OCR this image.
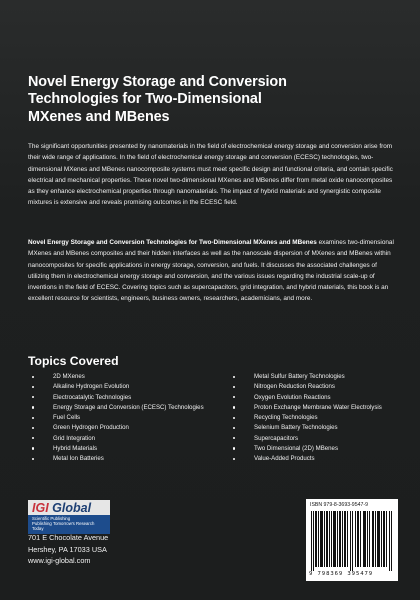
Novel Energy Storage and Conversion
Technologies for Two-Dimensional
MXenes and MBenes
The significant opportunities presented by nanomaterials in the field of electrochemical energy storage and conversion arise from their wide range of applications. In the field of electrochemical energy storage and conversion (ECESC) technologies, two-dimensional MXenes and MBenes nanocomposite systems must meet specific design and functional criteria, and contain specific electrical and mechanical properties. These novel two-dimensional MXenes and MBenes differ from metal oxide nanocomposites as they enhance electrochemical properties through nanomaterials. The impact of hybrid materials and synergistic composite mixtures is extensive and reveals promising outcomes in the ECESC field.
Novel Energy Storage and Conversion Technologies for Two-Dimensional MXenes and MBenes examines two-dimensional MXenes and MBenes composites and their hidden interfaces as well as the nanoscale dispersion of MXenes and MBenes within nanocomposites for specific applications in energy storage, conversion, and fuels. It discusses the associated challenges of utilizing them in electrochemical energy storage and conversion, and the various issues regarding the industrial scale-up of inventions in the field of ECESC. Covering topics such as supercapacitors, grid integration, and hybrid materials, this book is an excellent resource for scientists, engineers, business owners, researchers, academicians, and more.
Topics Covered
2D MXenes
Alkaline Hydrogen Evolution
Electrocatalytic Technologies
Energy Storage and Conversion (ECESC) Technologies
Fuel Cells
Green Hydrogen Production
Grid Integration
Hybrid Materials
Metal Ion Batteries
Metal Sulfur Battery Technologies
Nitrogen Reduction Reactions
Oxygen Evolution Reactions
Proton Exchange Membrane Water Electrolysis
Recycling Technologies
Selenium Battery Technologies
Supercapacitors
Two Dimensional (2D) MBenes
Value-Added Products
IGI Global
Scientific Publishing
Publishing Tomorrow's Research Today
701 E Chocolate Avenue
Hershey, PA 17033 USA
www.igi-global.com
ISBN 979-8-3693-9547-9
9 798369 395479
